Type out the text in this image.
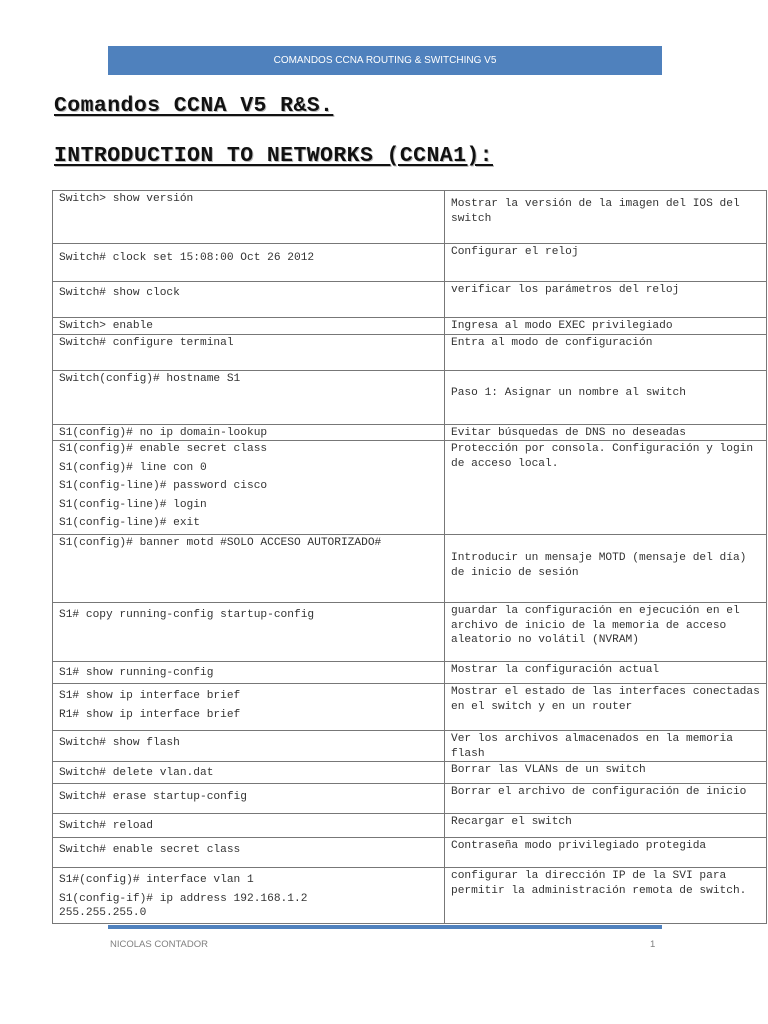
COMANDOS CCNA ROUTING & SWITCHING V5
Comandos CCNA V5 R&S.
INTRODUCTION TO NETWORKS (CCNA1):
Switch> show versión	Mostrar la versión de la imagen del IOS del switch

Switch# clock set 15:08:00 Oct 26 2012	Configurar el reloj

Switch# show clock	verificar los parámetros del reloj

Switch> enable	Ingresa al modo EXEC privilegiado

Switch# configure terminal	Entra al modo de configuración

Switch(config)# hostname S1	Paso 1: Asignar un nombre al switch

S1(config)# no ip domain-lookup	Evitar búsquedas de DNS no deseadas

S1(config)# enable secret class
S1(config)# line con 0
S1(config-line)# password cisco
S1(config-line)# login
S1(config-line)# exit	Protección por consola. Configuración y login de acceso local.

S1(config)# banner motd #SOLO ACCESO AUTORIZADO#	Introducir un mensaje MOTD (mensaje del día) de inicio de sesión

S1# copy running-config startup-config	guardar la configuración en ejecución en el archivo de inicio de la memoria de acceso aleatorio no volátil (NVRAM)

S1# show running-config	Mostrar la configuración actual

S1# show ip interface brief
R1# show ip interface brief	Mostrar el estado de las interfaces conectadas en el switch y en un router

Switch# show flash	Ver los archivos almacenados en la memoria flash

Switch# delete vlan.dat	Borrar las VLANs de un switch

Switch# erase startup-config	Borrar el archivo de configuración de inicio

Switch# reload	Recargar el switch

Switch# enable secret class	Contraseña modo privilegiado protegida

S1#(config)# interface vlan 1
S1(config-if)# ip address 192.168.1.2
255.255.255.0	configurar la dirección IP de la SVI para permitir la administración remota de switch.
NICOLAS CONTADOR	1
